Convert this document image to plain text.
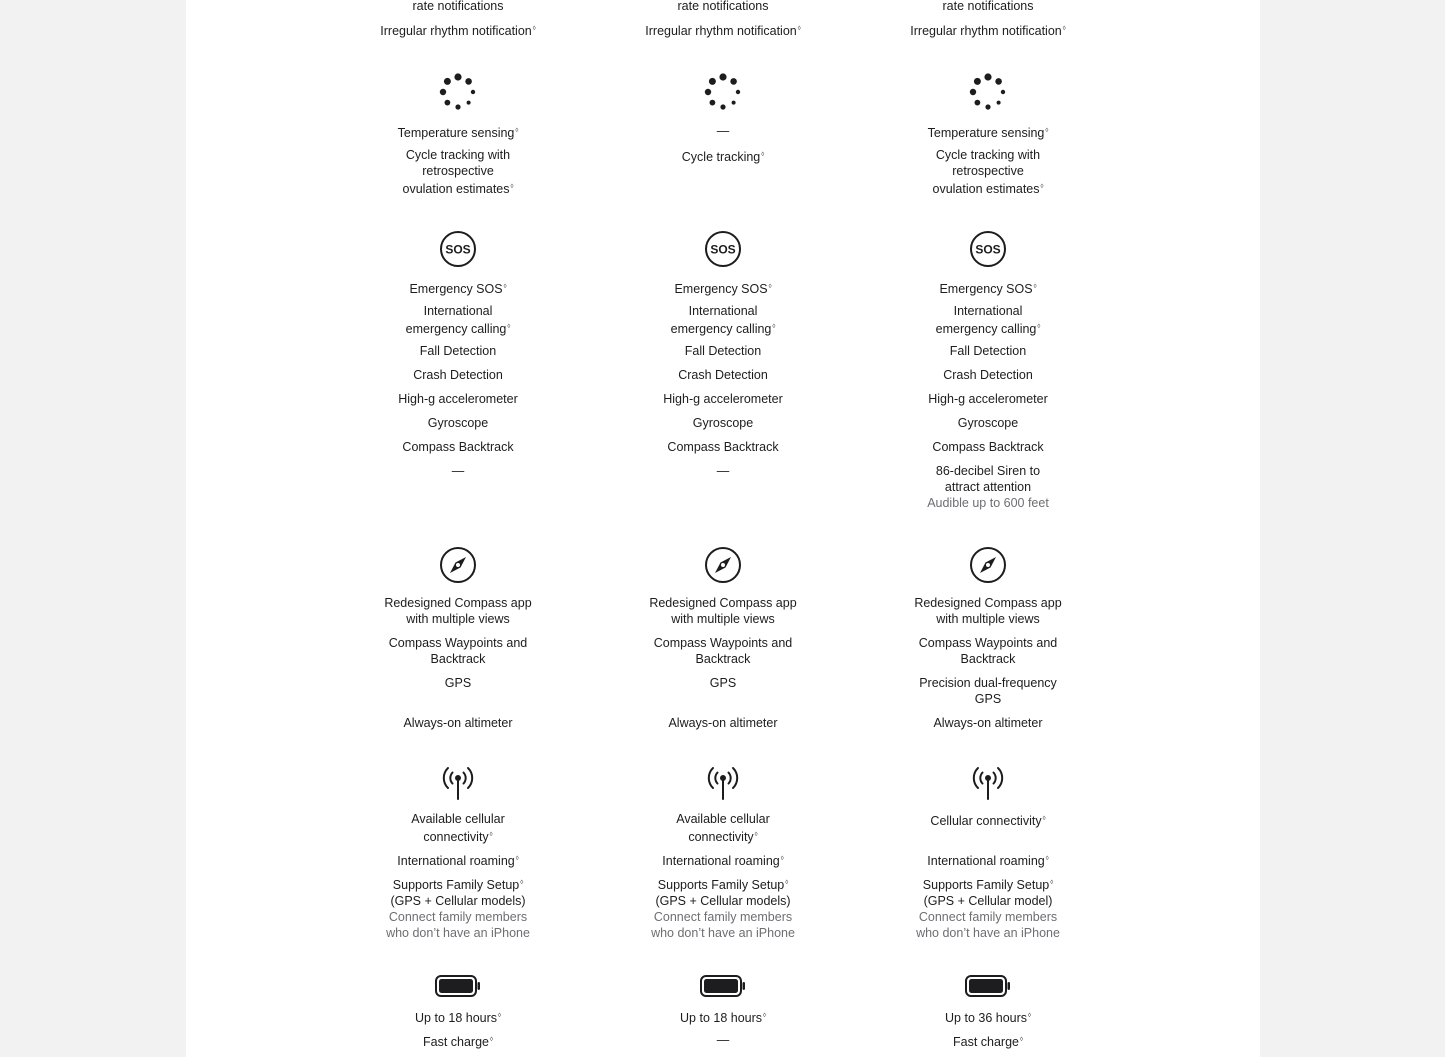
rate notifications
Irregular rhythm notification◊
Temperature sensing◊
Cycle tracking with
retrospective
ovulation estimates◊
SOS
Emergency SOS◊
International
emergency calling◊
Fall Detection
Crash Detection
High-g accelerometer
Gyroscope
Compass Backtrack
—
Redesigned Compass app
with multiple views
Compass Waypoints and
Backtrack
GPS
Always-on altimeter
Available cellular
connectivity◊
International roaming◊
Supports Family Setup◊
(GPS + Cellular models)
Connect family members
who don’t have an iPhone
Up to 18 hours◊
Fast charge◊
rate notifications
Irregular rhythm notification◊
—
Cycle tracking◊
SOS
Emergency SOS◊
International
emergency calling◊
Fall Detection
Crash Detection
High-g accelerometer
Gyroscope
Compass Backtrack
—
Redesigned Compass app
with multiple views
Compass Waypoints and
Backtrack
GPS
Always-on altimeter
Available cellular
connectivity◊
International roaming◊
Supports Family Setup◊
(GPS + Cellular models)
Connect family members
who don’t have an iPhone
Up to 18 hours◊
—
rate notifications
Irregular rhythm notification◊
Temperature sensing◊
Cycle tracking with
retrospective
ovulation estimates◊
SOS
Emergency SOS◊
International
emergency calling◊
Fall Detection
Crash Detection
High-g accelerometer
Gyroscope
Compass Backtrack
86-decibel Siren to
attract attention
Audible up to 600 feet
Redesigned Compass app
with multiple views
Compass Waypoints and
Backtrack
Precision dual-frequency
GPS
Always-on altimeter
Cellular connectivity◊
International roaming◊
Supports Family Setup◊
(GPS + Cellular model)
Connect family members
who don’t have an iPhone
Up to 36 hours◊
Fast charge◊
